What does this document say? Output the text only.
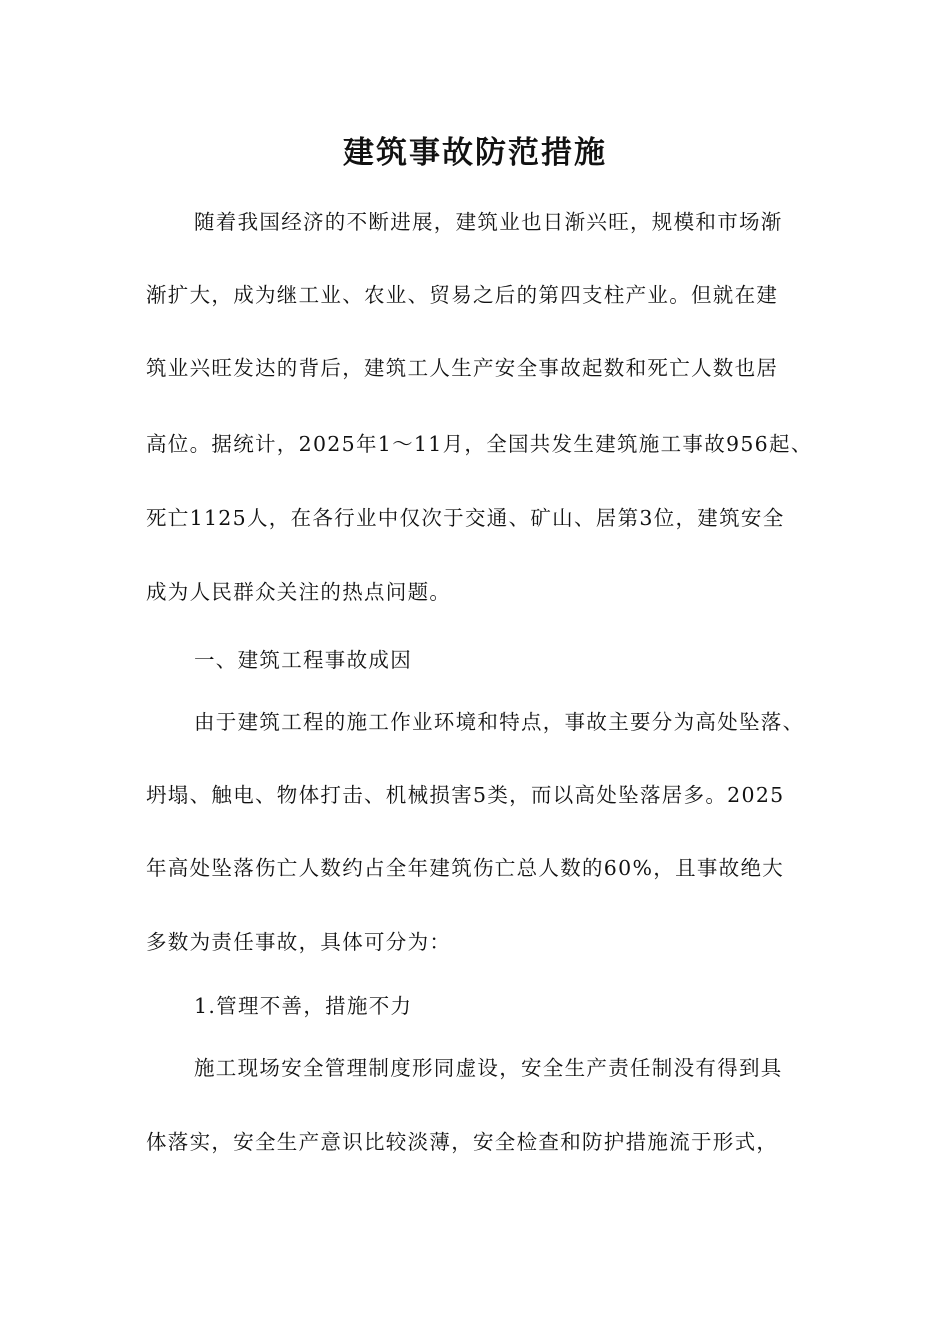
建筑事故防范措施

随着我国经济的不断进展，建筑业也日渐兴旺，规模和市场渐

渐扩大，成为继工业、农业、贸易之后的第四支柱产业。但就在建

筑业兴旺发达的背后，建筑工人生产安全事故起数和死亡人数也居

高位。据统计，2025年1～11月，全国共发生建筑施工事故956起、

死亡1125人，在各行业中仅次于交通、矿山、居第3位，建筑安全

成为人民群众关注的热点问题。

一、建筑工程事故成因

由于建筑工程的施工作业环境和特点，事故主要分为高处坠落、

坍塌、触电、物体打击、机械损害5类，而以高处坠落居多。2025

年高处坠落伤亡人数约占全年建筑伤亡总人数的60%，且事故绝大

多数为责任事故，具体可分为：

1.管理不善，措施不力

施工现场安全管理制度形同虚设，安全生产责任制没有得到具

体落实，安全生产意识比较淡薄，安全检查和防护措施流于形式，
